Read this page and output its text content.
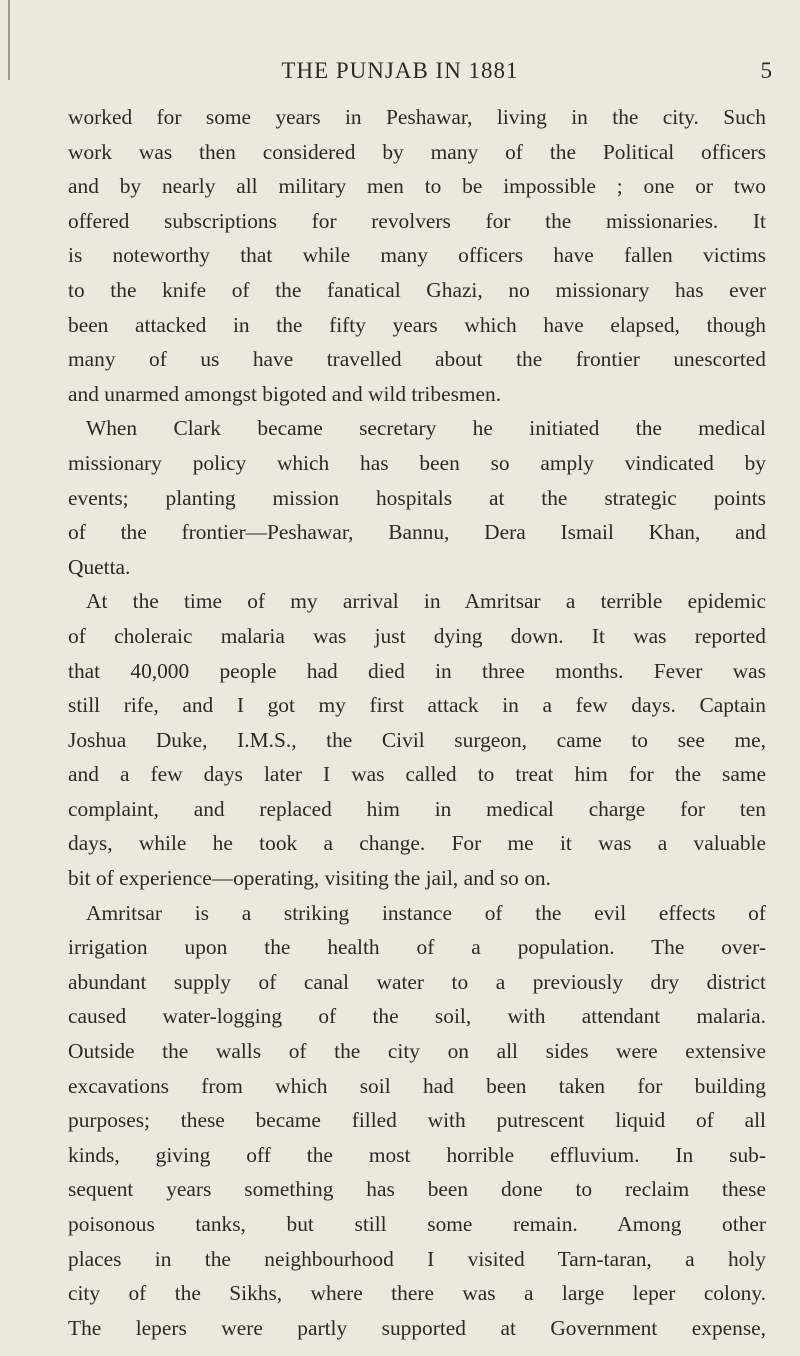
THE PUNJAB IN 1881	5
worked for some years in Peshawar, living in the city. Such
work was then considered by many of the Political officers
and by nearly all military men to be impossible ; one or two
offered subscriptions for revolvers for the missionaries. It
is noteworthy that while many officers have fallen victims
to the knife of the fanatical Ghazi, no missionary has ever
been attacked in the fifty years which have elapsed, though
many of us have travelled about the frontier unescorted
and unarmed amongst bigoted and wild tribesmen.
When Clark became secretary he initiated the medical
missionary policy which has been so amply vindicated by
events; planting mission hospitals at the strategic points
of the frontier—Peshawar, Bannu, Dera Ismail Khan, and
Quetta.
At the time of my arrival in Amritsar a terrible epidemic
of choleraic malaria was just dying down. It was reported
that 40,000 people had died in three months. Fever was
still rife, and I got my first attack in a few days. Captain
Joshua Duke, I.M.S., the Civil surgeon, came to see me,
and a few days later I was called to treat him for the same
complaint, and replaced him in medical charge for ten
days, while he took a change. For me it was a valuable
bit of experience—operating, visiting the jail, and so on.
Amritsar is a striking instance of the evil effects of
irrigation upon the health of a population. The over-
abundant supply of canal water to a previously dry district
caused water-logging of the soil, with attendant malaria.
Outside the walls of the city on all sides were extensive
excavations from which soil had been taken for building
purposes; these became filled with putrescent liquid of all
kinds, giving off the most horrible effluvium. In sub-
sequent years something has been done to reclaim these
poisonous tanks, but still some remain. Among other
places in the neighbourhood I visited Tarn-taran, a holy
city of the Sikhs, where there was a large leper colony.
The lepers were partly supported at Government expense,
